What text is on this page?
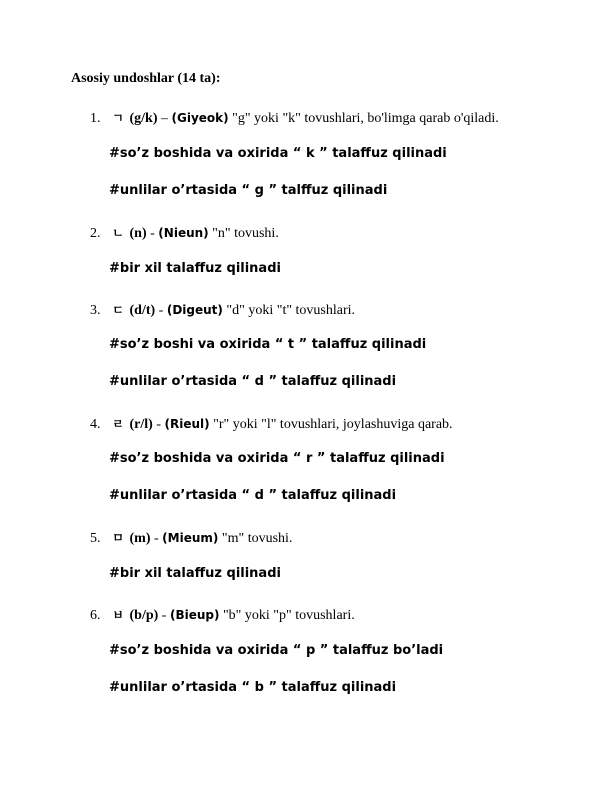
Asosiy undoshlar (14 ta):
1. ㄱ (g/k) – (Giyeok) "g" yoki "k" tovushlari, bo'limga qarab o'qiladi.
#so’z boshida va oxirida “ k ” talaffuz qilinadi
#unlilar o’rtasida “ g ” talffuz qilinadi
2. ㄴ (n) - (Nieun) "n" tovushi.
#bir xil talaffuz qilinadi
3. ㄷ (d/t) - (Digeut) "d" yoki "t" tovushlari.
#so’z boshi va oxirida “ t ” talaffuz qilinadi
#unlilar o’rtasida “ d ” talaffuz qilinadi
4. ㄹ (r/l) - (Rieul) "r" yoki "l" tovushlari, joylashuviga qarab.
#so’z boshida va oxirida “ r ” talaffuz qilinadi
#unlilar o’rtasida “ d ” talaffuz qilinadi
5. ㅁ (m) - (Mieum) "m" tovushi.
#bir xil talaffuz qilinadi
6. ㅂ (b/p) - (Bieup) "b" yoki "p" tovushlari.
#so’z boshida va oxirida “ p ” talaffuz bo’ladi
#unlilar o’rtasida “ b ” talaffuz qilinadi
